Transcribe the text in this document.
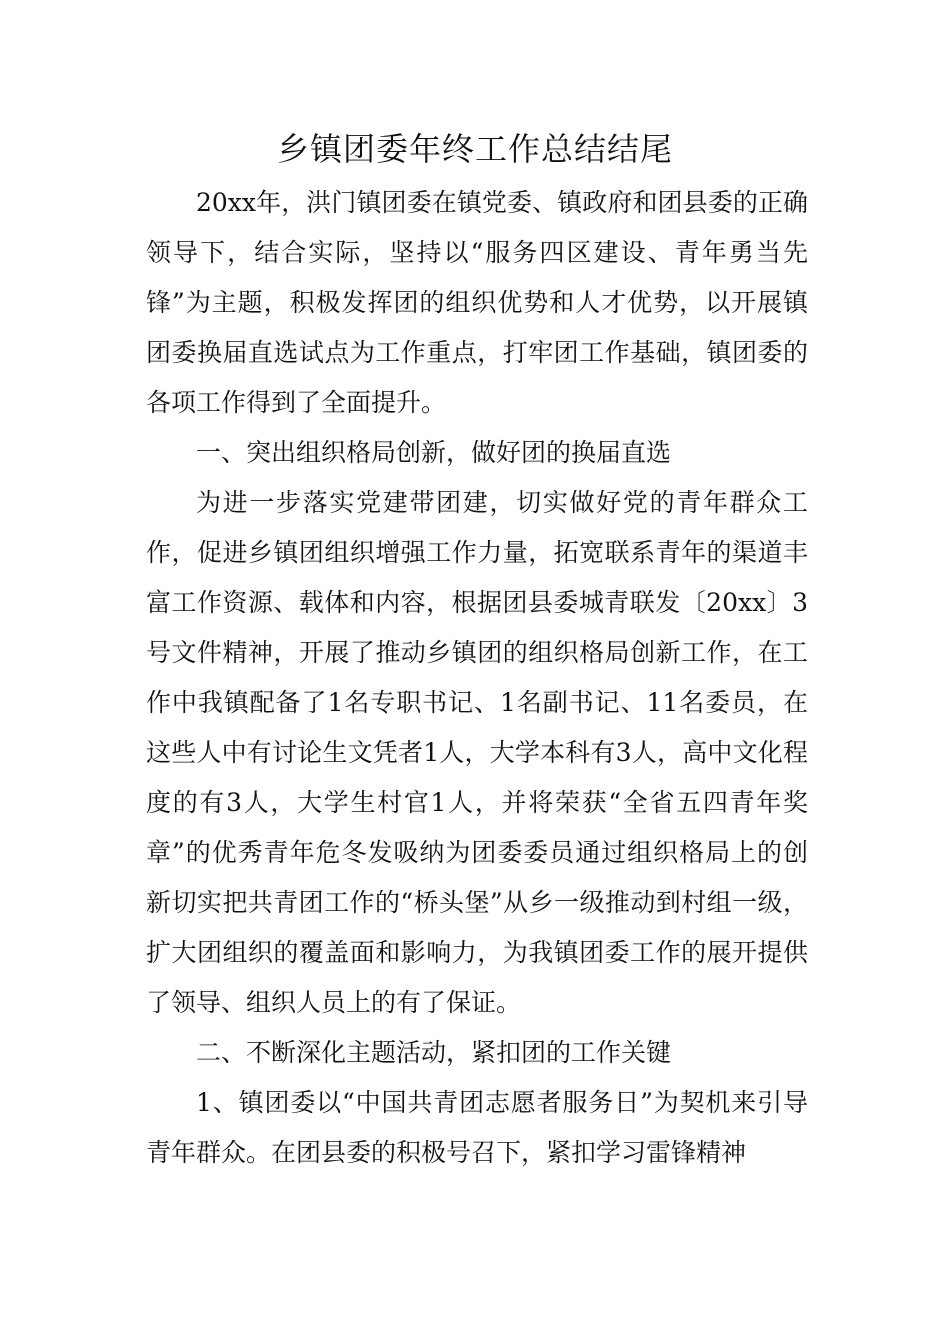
乡镇团委年终工作总结结尾

20xx年，洪门镇团委在镇党委、镇政府和团县委的正确领导下，结合实际，坚持以“服务四区建设、青年勇当先锋”为主题，积极发挥团的组织优势和人才优势，以开展镇团委换届直选试点为工作重点，打牢团工作基础，镇团委的各项工作得到了全面提升。

一、突出组织格局创新，做好团的换届直选

为进一步落实党建带团建，切实做好党的青年群众工作，促进乡镇团组织增强工作力量，拓宽联系青年的渠道丰富工作资源、载体和内容，根据团县委城青联发〔20xx〕3 号文件精神，开展了推动乡镇团的组织格局创新工作，在工作中我镇配备了1名专职书记、1名副书记、11名委员，在这些人中有讨论生文凭者1人，大学本科有3人，高中文化程度的有3人，大学生村官1人，并将荣获“全省五四青年奖章”的优秀青年危冬发吸纳为团委委员通过组织格局上的创新切实把共青团工作的“桥头堡”从乡一级推动到村组一级，扩大团组织的覆盖面和影响力，为我镇团委工作的展开提供了领导、组织人员上的有了保证。

二、不断深化主题活动，紧扣团的工作关键

1、镇团委以“中国共青团志愿者服务日”为契机来引导青年群众。在团县委的积极号召下，紧扣学习雷锋精神
